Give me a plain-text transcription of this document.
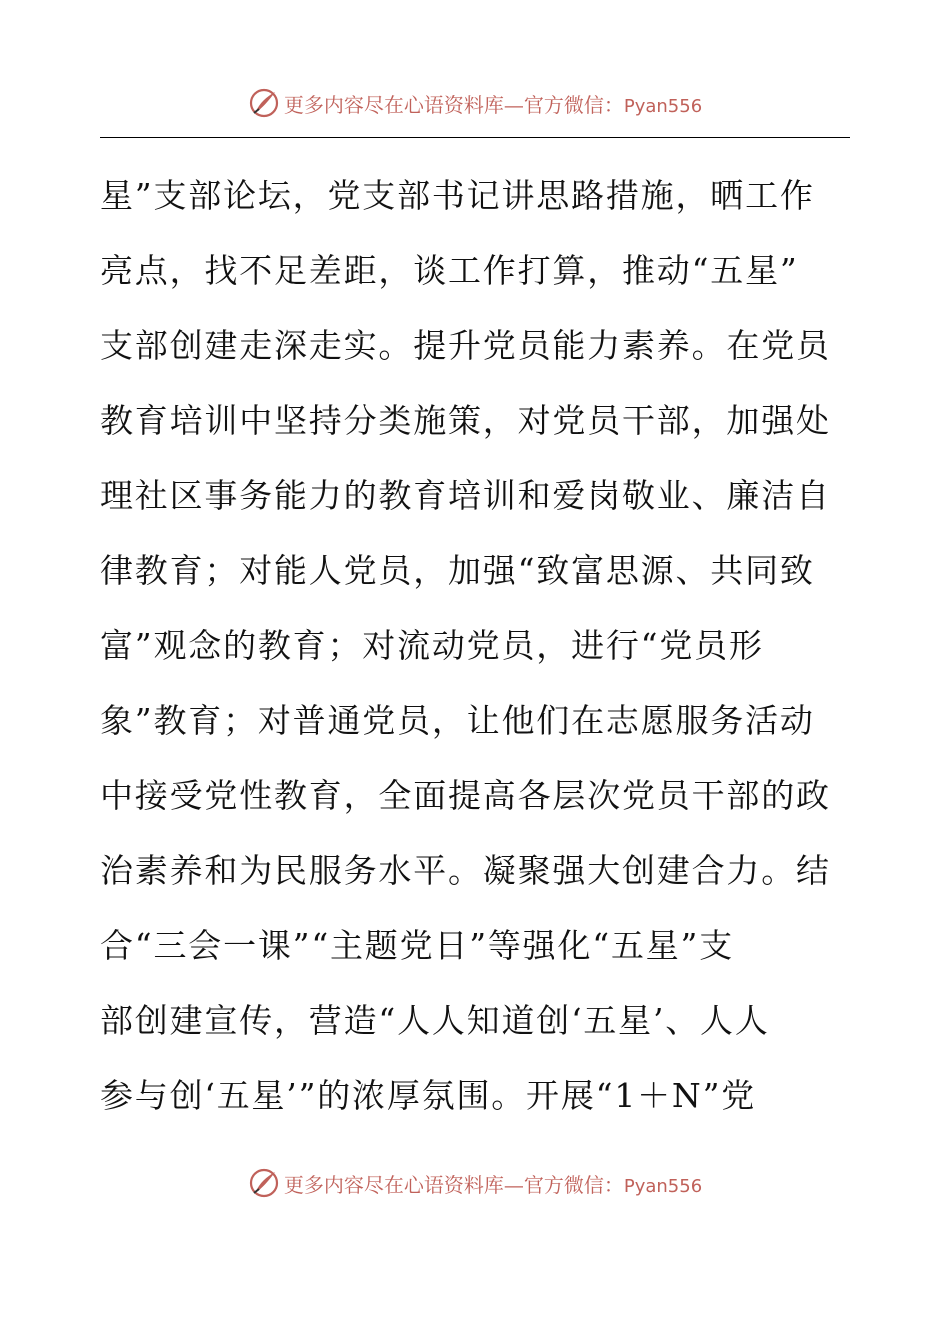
更多内容尽在心语资料库—官方微信：Pyan556
星”支部论坛，党支部书记讲思路措施，晒工作
亮点，找不足差距，谈工作打算，推动“五星”
支部创建走深走实。提升党员能力素养。在党员
教育培训中坚持分类施策，对党员干部，加强处
理社区事务能力的教育培训和爱岗敬业、廉洁自
律教育；对能人党员，加强“致富思源、共同致
富”观念的教育；对流动党员，进行“党员形
象”教育；对普通党员，让他们在志愿服务活动
中接受党性教育，全面提高各层次党员干部的政
治素养和为民服务水平。凝聚强大创建合力。结
合“三会一课”“主题党日”等强化“五星”支
部创建宣传，营造“人人知道创‘五星’、人人
参与创‘五星’”的浓厚氛围。开展“1＋N”党
更多内容尽在心语资料库—官方微信：Pyan556
